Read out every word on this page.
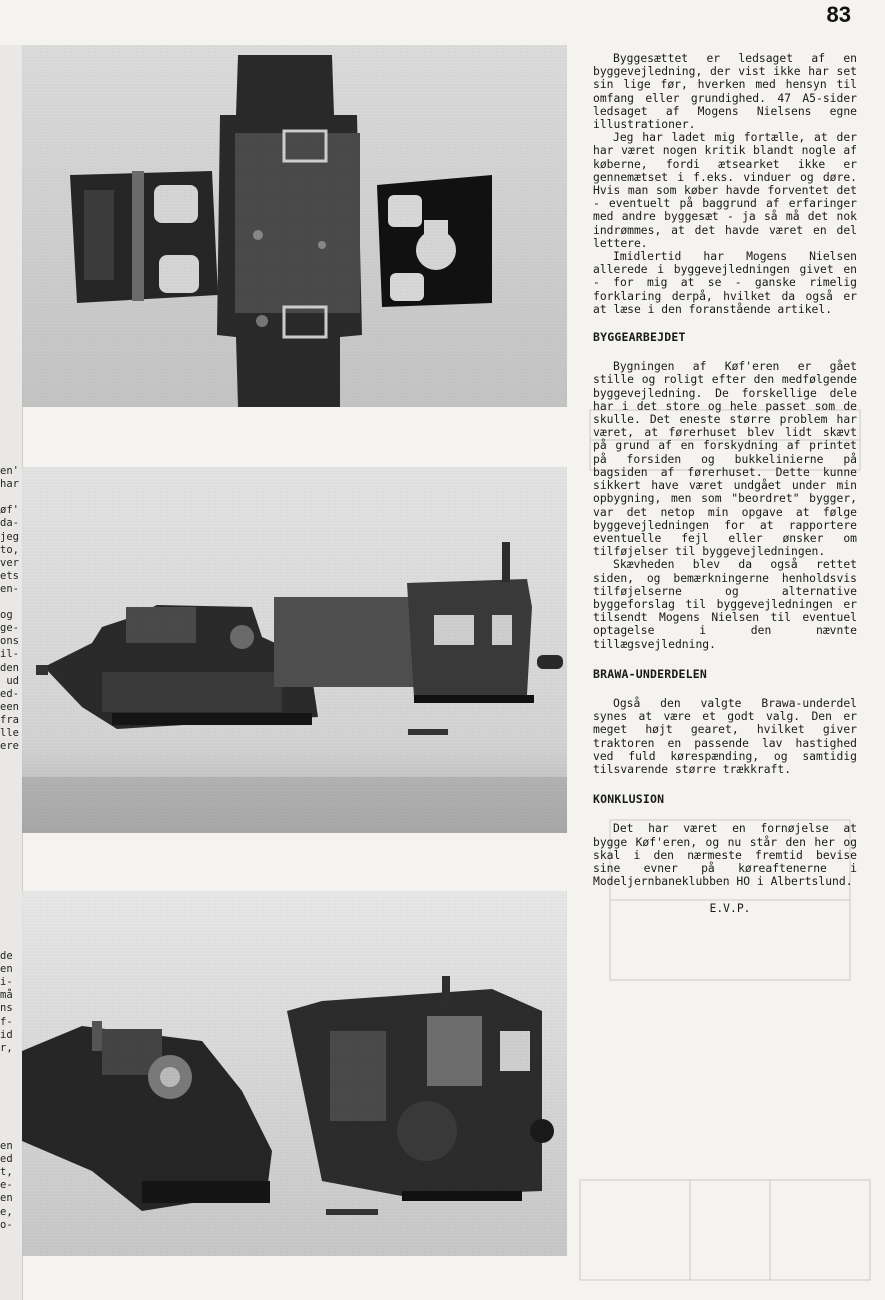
83
en'
har
øf'
da-
jeg
to,
ver
ets
en-
og
ge-
ons
il-
den
ud
ed-
een
fra
lle
ere
de
en
i-
må
ns
f-
id
r,
en
ed
t,
e-
en
e,
o-

Byggesættet er ledsaget af en byggevejledning, der vist ikke har set sin lige før, hverken med hensyn til omfang eller grundighed. 47 A5-sider ledsaget af Mogens Nielsens egne illustrationer.

Jeg har ladet mig fortælle, at der har været nogen kritik blandt nogle af køberne, fordi ætsearket ikke er gennemætset i f.eks. vinduer og døre. Hvis man som køber havde forventet det - eventuelt på baggrund af erfaringer med andre byggesæt - ja så må det nok indrømmes, at det havde været en del lettere.

Imidlertid har Mogens Nielsen allerede i byggevejledningen givet en - for mig at se - ganske rimelig forklaring derpå, hvilket da også er at læse i den foranstående artikel.

BYGGEARBEJDET

Bygningen af Køf'eren er gået stille og roligt efter den medfølgende byggevejledning. De forskellige dele har i det store og hele passet som de skulle. Det eneste større problem har været, at førerhuset blev lidt skævt på grund af en forskydning af printet på forsiden og bukkelinierne på bagsiden af førerhuset. Dette kunne sikkert have været undgået under min opbygning, men som "beordret" bygger, var det netop min opgave at følge byggevejledningen for at rapportere eventuelle fejl eller ønsker om tilføjelser til byggevejledningen.

Skævheden blev da også rettet siden, og bemærkningerne henholdsvis tilføjelserne og alternative byggeforslag til byggevejledningen er tilsendt Mogens Nielsen til eventuel optagelse i den nævnte tillægsvejledning.

BRAWA-UNDERDELEN

Også den valgte Brawa-underdel synes at være et godt valg. Den er meget højt gearet, hvilket giver traktoren en passende lav hastighed ved fuld kørespænding, og samtidig tilsvarende større trækkraft.

KONKLUSION

Det har været en fornøjelse at bygge Køf'eren, og nu står den her og skal i den nærmeste fremtid bevise sine evner på køreaftenerne i Modeljernbaneklubben HO i Albertslund.

E.V.P.
